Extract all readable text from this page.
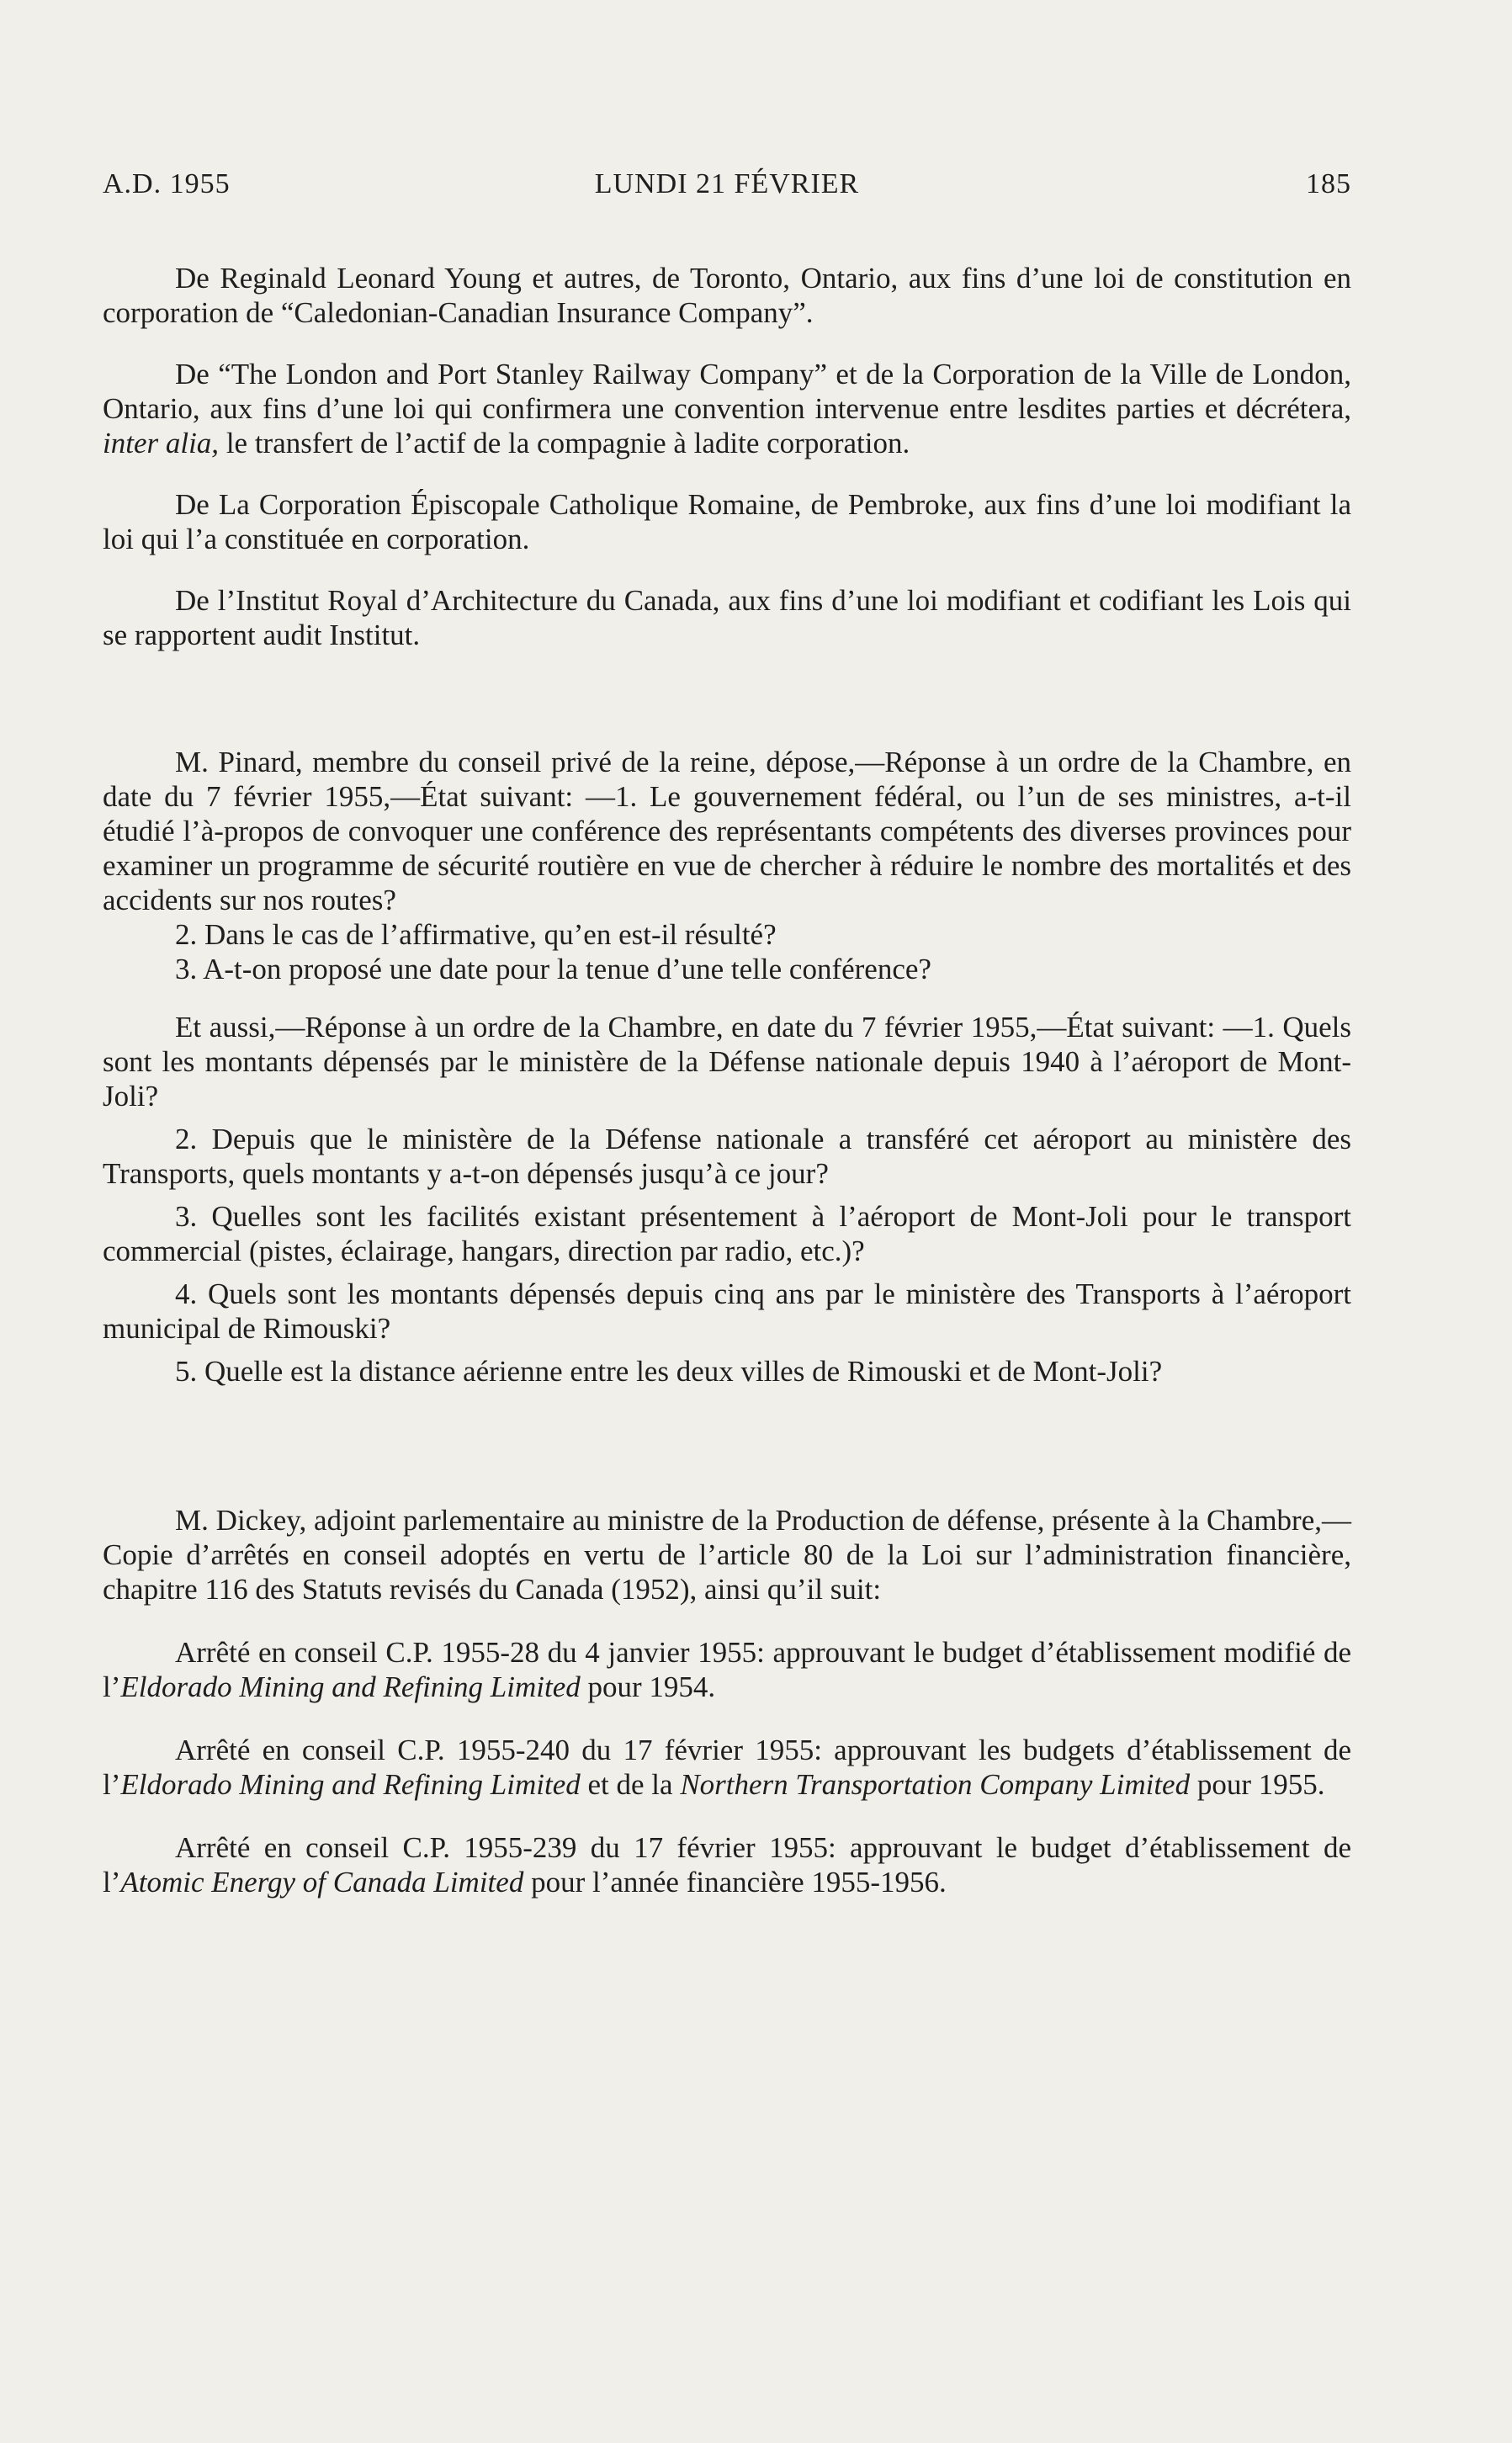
LUNDI 21 FÉVRIER
A.D. 1955	185

De Reginald Leonard Young et autres, de Toronto, Ontario, aux fins d’une loi de constitution en corporation de “Caledonian-Canadian Insurance Company”.

De “The London and Port Stanley Railway Company” et de la Corporation de la Ville de London, Ontario, aux fins d’une loi qui confirmera une convention intervenue entre lesdites parties et décrétera, inter alia, le transfert de l’actif de la compagnie à ladite corporation.

De La Corporation Épiscopale Catholique Romaine, de Pembroke, aux fins d’une loi modifiant la loi qui l’a constituée en corporation.

De l’Institut Royal d’Architecture du Canada, aux fins d’une loi modifiant et codifiant les Lois qui se rapportent audit Institut.

M. Pinard, membre du conseil privé de la reine, dépose,—Réponse à un ordre de la Chambre, en date du 7 février 1955,—État suivant: —1. Le gouvernement fédéral, ou l’un de ses ministres, a-t-il étudié l’à-propos de convoquer une conférence des représentants compétents des diverses provinces pour examiner un programme de sécurité routière en vue de chercher à réduire le nombre des mortalités et des accidents sur nos routes?

2. Dans le cas de l’affirmative, qu’en est-il résulté?

3. A-t-on proposé une date pour la tenue d’une telle conférence?

Et aussi,—Réponse à un ordre de la Chambre, en date du 7 février 1955,—État suivant: —1. Quels sont les montants dépensés par le ministère de la Défense nationale depuis 1940 à l’aéroport de Mont-Joli?

2. Depuis que le ministère de la Défense nationale a transféré cet aéroport au ministère des Transports, quels montants y a-t-on dépensés jusqu’à ce jour?

3. Quelles sont les facilités existant présentement à l’aéroport de Mont-Joli pour le transport commercial (pistes, éclairage, hangars, direction par radio, etc.)?

4. Quels sont les montants dépensés depuis cinq ans par le ministère des Transports à l’aéroport municipal de Rimouski?

5. Quelle est la distance aérienne entre les deux villes de Rimouski et de Mont-Joli?

M. Dickey, adjoint parlementaire au ministre de la Production de défense, présente à la Chambre,—Copie d’arrêtés en conseil adoptés en vertu de l’article 80 de la Loi sur l’administration financière, chapitre 116 des Statuts revisés du Canada (1952), ainsi qu’il suit:

Arrêté en conseil C.P. 1955-28 du 4 janvier 1955: approuvant le budget d’établissement modifié de l’Eldorado Mining and Refining Limited pour 1954.

Arrêté en conseil C.P. 1955-240 du 17 février 1955: approuvant les budgets d’établissement de l’Eldorado Mining and Refining Limited et de la Northern Transportation Company Limited pour 1955.

Arrêté en conseil C.P. 1955-239 du 17 février 1955: approuvant le budget d’établissement de l’Atomic Energy of Canada Limited pour l’année financière 1955-1956.
